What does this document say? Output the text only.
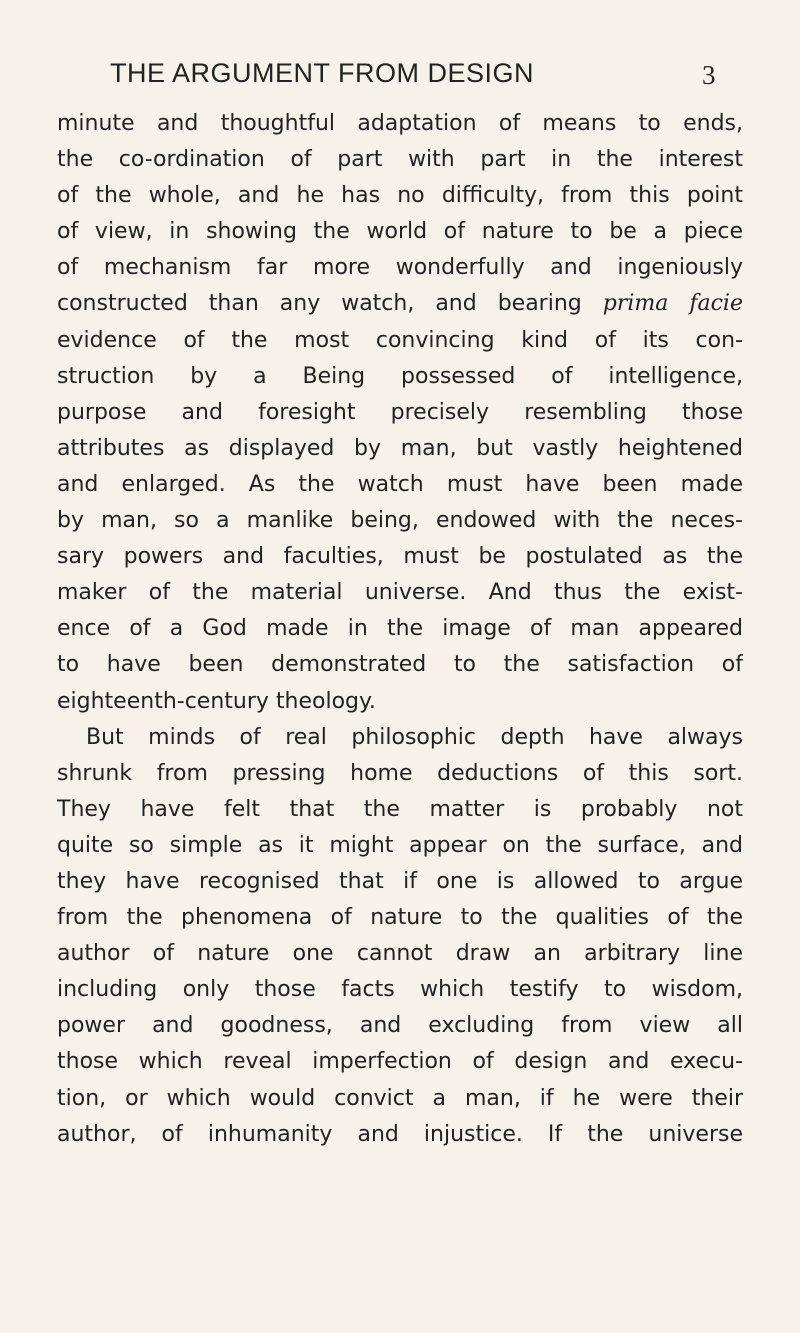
THE ARGUMENT FROM DESIGN	3
minute and thoughtful adaptation of means to ends,
the co-ordination of part with part in the interest
of the whole, and he has no difficulty, from this point
of view, in showing the world of nature to be a piece
of mechanism far more wonderfully and ingeniously
constructed than any watch, and bearing prima facie
evidence of the most convincing kind of its con-
struction by a Being possessed of intelligence,
purpose and foresight precisely resembling those
attributes as displayed by man, but vastly heightened
and enlarged. As the watch must have been made
by man, so a manlike being, endowed with the neces-
sary powers and faculties, must be postulated as the
maker of the material universe. And thus the exist-
ence of a God made in the image of man appeared
to have been demonstrated to the satisfaction of
eighteenth-century theology.
But minds of real philosophic depth have always
shrunk from pressing home deductions of this sort.
They have felt that the matter is probably not
quite so simple as it might appear on the surface, and
they have recognised that if one is allowed to argue
from the phenomena of nature to the qualities of the
author of nature one cannot draw an arbitrary line
including only those facts which testify to wisdom,
power and goodness, and excluding from view all
those which reveal imperfection of design and execu-
tion, or which would convict a man, if he were their
author, of inhumanity and injustice. If the universe
